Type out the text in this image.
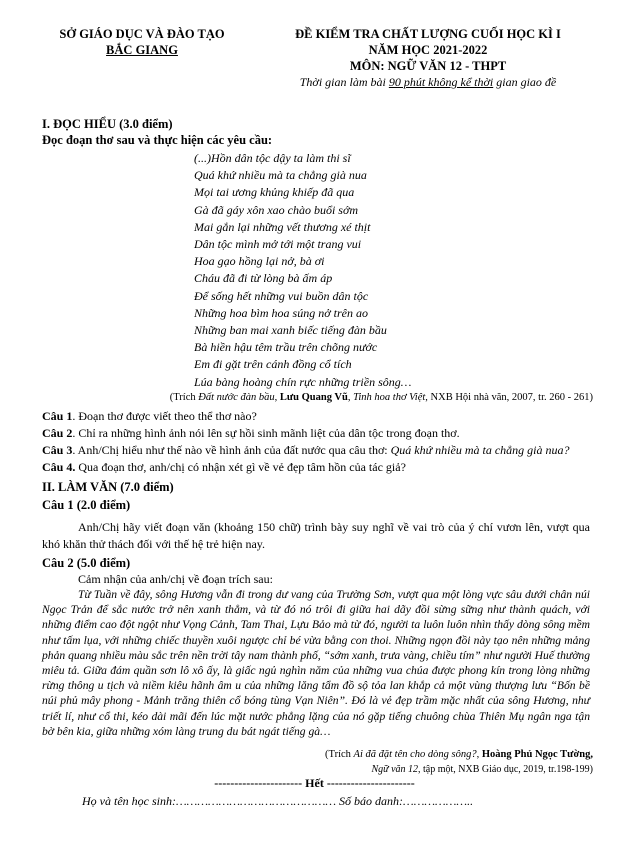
SỞ GIÁO DỤC VÀ ĐÀO TẠO
BẮC GIANG
ĐỀ KIỂM TRA CHẤT LƯỢNG CUỐI HỌC KÌ I
NĂM HỌC 2021-2022
MÔN: NGỮ VĂN 12 - THPT
Thời gian làm bài 90 phút không kể thời gian giao đề
I. ĐỌC HIỂU (3.0 điểm)
Đọc đoạn thơ sau và thực hiện các yêu cầu:
(...)Hồn dân tộc dậy ta làm thi sĩ
Quá khứ nhiều mà ta chẳng già nua
Mọi tai ương khủng khiếp đã qua
Gà đã gáy xôn xao chào buổi sớm
Mai gắn lại những vết thương xé thịt
Dân tộc mình mở tới một trang vui
Hoa gạo hồng lại nở, bà ơi
Cháu đã đi từ lòng bà ấm áp
Để sống hết những vui buồn dân tộc
Những hoa bìm hoa súng nở trên ao
Những ban mai xanh biếc tiếng đàn bầu
Bà hiền hậu têm trầu trên chõng nước
Em đi gặt trên cánh đồng cổ tích
Lúa bàng hoàng chín rực những triền sông…
(Trích Đất nước đàn bầu, Lưu Quang Vũ, Tinh hoa thơ Việt, NXB Hội nhà văn, 2007, tr. 260 - 261)
Câu 1. Đoạn thơ được viết theo thể thơ nào?
Câu 2. Chỉ ra những hình ảnh nói lên sự hồi sinh mãnh liệt của dân tộc trong đoạn thơ.
Câu 3. Anh/Chị hiểu như thế nào về hình ảnh của đất nước qua câu thơ: Quá khứ nhiều mà ta chẳng già nua?
Câu 4. Qua đoạn thơ, anh/chị có nhận xét gì về vẻ đẹp tâm hồn của tác giả?
II. LÀM VĂN (7.0 điểm)
Câu 1 (2.0 điểm)
Anh/Chị hãy viết đoạn văn (khoảng 150 chữ) trình bày suy nghĩ về vai trò của ý chí vươn lên, vượt qua khó khăn thử thách đối với thế hệ trẻ hiện nay.
Câu 2 (5.0 điểm)
Cảm nhận của anh/chị về đoạn trích sau:
Từ Tuần về đây, sông Hương vẫn đi trong dư vang của Trường Sơn, vượt qua một lòng vực sâu dưới chân núi Ngọc Trản để sắc nước trở nên xanh thẳm, và từ đó nó trôi đi giữa hai dãy đồi sừng sững như thành quách, với những điểm cao đột ngột như Vọng Cảnh, Tam Thai, Lựu Bảo mà từ đó, người ta luôn luôn nhìn thấy dòng sông mềm như tấm lụa, với những chiếc thuyền xuôi ngược chỉ bé vừa bằng con thoi. Những ngọn đồi này tạo nên những mảng phản quang nhiều màu sắc trên nền trời tây nam thành phố, “sớm xanh, trưa vàng, chiều tím” như người Huế thường miêu tả. Giữa đám quần sơn lô xô ấy, là giấc ngủ nghìn năm của những vua chúa được phong kín trong lòng những rừng thông u tịch và niềm kiêu hãnh âm u của những lăng tẩm đồ sộ tỏa lan khắp cả một vùng thượng lưu “Bốn bề núi phủ mây phong - Mảnh trăng thiên cổ bóng tùng Vạn Niên”. Đó là vẻ đẹp trầm mặc nhất của sông Hương, như triết lí, như cổ thi, kéo dài mãi đến lúc mặt nước phẳng lặng của nó gặp tiếng chuông chùa Thiên Mụ ngân nga tận bờ bên kia, giữa những xóm làng trung du bát ngát tiếng gà…
(Trích Ai đã đặt tên cho dòng sông?, Hoàng Phủ Ngọc Tường,
Ngữ văn 12, tập một, NXB Giáo dục, 2019, tr.198-199)
---------------------- Hết ----------------------
Họ và tên học sinh:……………………………………… Số báo danh:………………..
